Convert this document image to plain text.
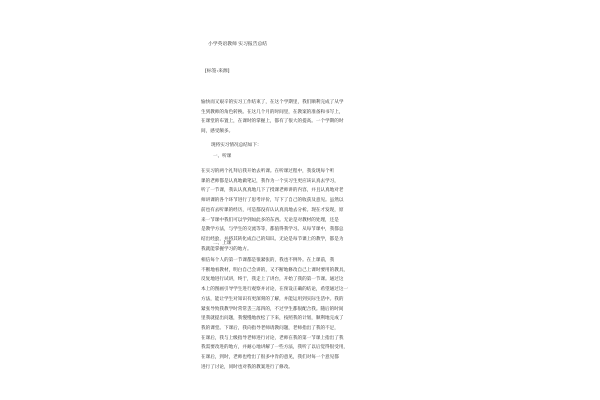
小学英语教师 实习报告总结
[标签:来源]

愉快而又艰辛的实习工作结束了，在这个学期里，我们顺利完成了从学

生到教师的角色转换。在这几个月的时间里，在教案的准备和书写上，

在课堂的布置上，在课时的掌握上，都有了很大的提高。一个学期的时

间，感受颇多。

现将实习情况总结如下：
一、听课

在实习的两个礼拜后我开始去听课。在听课过程中，我发现每个听

课的老师都是认真地做笔记，我作为一个实习生更应该认真去学习，

听了一节课，我认认真真地几下了授课老师讲的内容，并且认真地对老

师讲课的各个环节进行了思考评价，写下了自己的收获及意见。虽然以

前也有去听课的经历，可是都没有认认真真地去分析。现在才发现，原

来一节课中我们可以学到如此多的东西。无论是对教材的处理，还是

是教学方法，与学生的交流等等，都值得我学习。从每节课中，我都总

结出经验，并将其转化成自己的知识。无论是每节课上的教学，都是为

我就能掌握学习的地方。

二、上课

相信每个人的第一节课都是很紧张的，我也不例外。在上课前，我

不断地看教材，明白自己会讲的，又不断地修改自己上课时要用的教具，

反复地进行试讲，终于，我走上了讲台，开始了我的第一节课。通过这

本上的图画引导学生进行观察并讨论，在预设正确的结论，希望通过这一

方法，能让学生对知识有更深刻的了解，并能运用到实际生活中。我的

紧张导致我教学时常常丢三落四的，不过学生都很配合我。随后的时间

里我就提出问题，我慢慢地放松了下来，按照我的计划，顺利地完成了

我的课堂。下课后，我向指导老师请教问题，老师指出了我的不足，

在课后，我与上级指导老师进行讨论，老师在我的第一节课上指出了我

我需要改进的地方，并耐心地讲解了一些方法，我听了以后觉得很受用，

在课后，到时，老师也给出了很多中肯的意见，我们对每一个意见都

进行了讨论，同时也对我的教案进行了修改。
